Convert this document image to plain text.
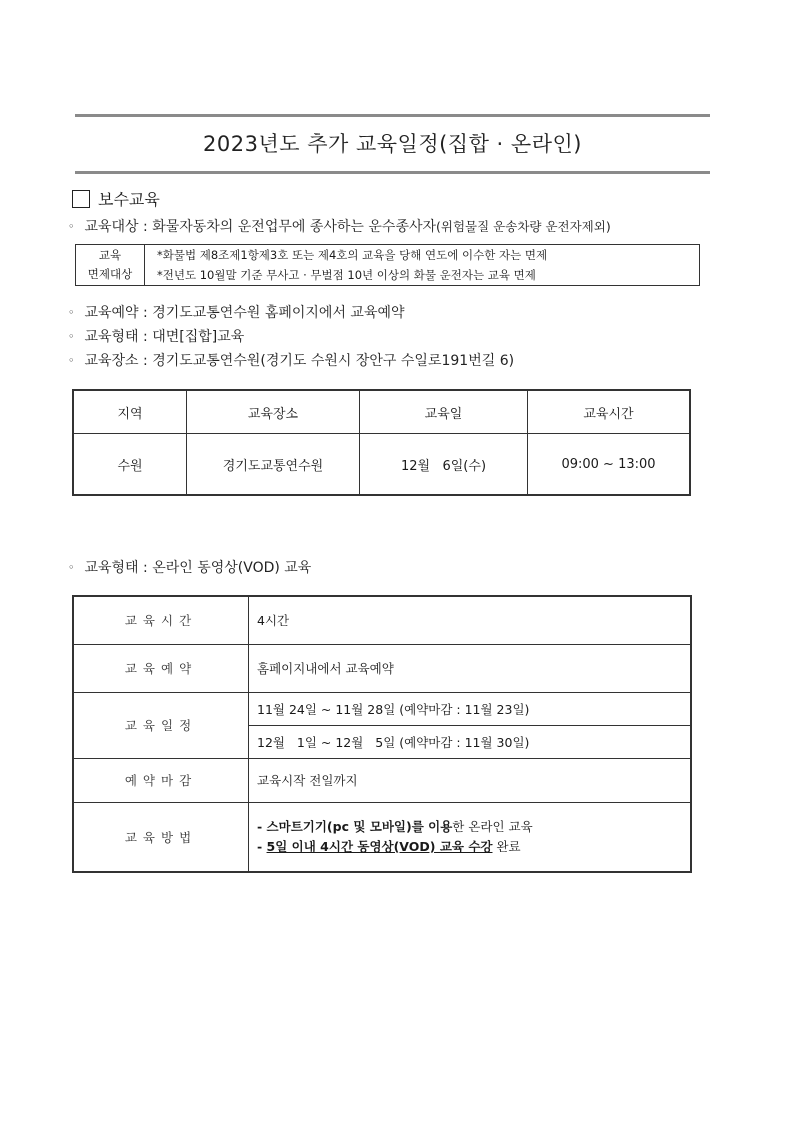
2023년도 추가 교육일정(집합 · 온라인)
보수교육
◦ 교육대상 : 화물자동차의 운전업무에 종사하는 운수종사자(위험물질 운송차량 운전자제외)
교육
면제대상
	*화물법 제8조제1항제3호 또는 제4호의 교육을 당해 연도에 이수한 자는 면제
*전년도 10월말 기준 무사고 · 무벌점 10년 이상의 화물 운전자는 교육 면제
◦ 교육예약 : 경기도교통연수원 홈페이지에서 교육예약
◦ 교육형태 : 대면[집합]교육
◦ 교육장소 : 경기도교통연수원(경기도 수원시 장안구 수일로191번길 6)
지역	교육장소	교육일	교육시간
수원	경기도교통연수원	12월   6일(수)	09:00 ~ 13:00
◦ 교육형태 : 온라인 동영상(VOD) 교육
교육시간	4시간
교육예약	홈페이지내에서 교육예약
교육일정	11월 24일 ~ 11월 28일 (예약마감 : 11월 23일)
	12월   1일 ~ 12월   5일 (예약마감 : 11월 30일)
예약마감	교육시작 전일까지
교육방법	- 스마트기기(pc 및 모바일)를 이용한 온라인 교육
- 5일 이내 4시간 동영상(VOD) 교육 수강 완료
